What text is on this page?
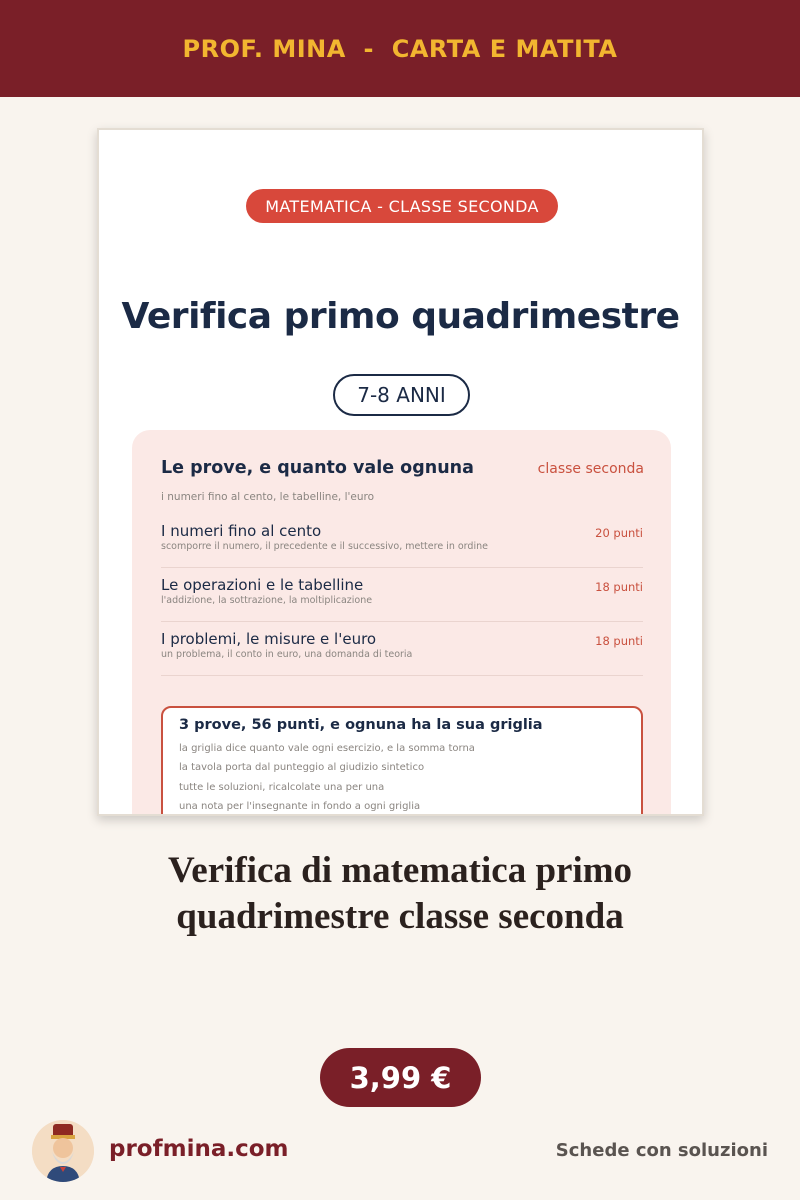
PROF. MINA  -  CARTA E MATITA
MATEMATICA - CLASSE SECONDA
Verifica primo quadrimestre
7-8 ANNI
Le prove, e quanto vale ognuna	classe seconda
i numeri fino al cento, le tabelline, l'euro
I numeri fino al cento
scomporre il numero, il precedente e il successivo, mettere in ordine
20 punti
Le operazioni e le tabelline
l'addizione, la sottrazione, la moltiplicazione
18 punti
I problemi, le misure e l'euro
un problema, il conto in euro, una domanda di teoria
18 punti
3 prove, 56 punti, e ognuna ha la sua griglia
la griglia dice quanto vale ogni esercizio, e la somma torna
la tavola porta dal punteggio al giudizio sintetico
tutte le soluzioni, ricalcolate una per una
una nota per l'insegnante in fondo a ogni griglia
Verifica di matematica primo quadrimestre classe seconda
3,99 €
profmina.com	Schede con soluzioni
